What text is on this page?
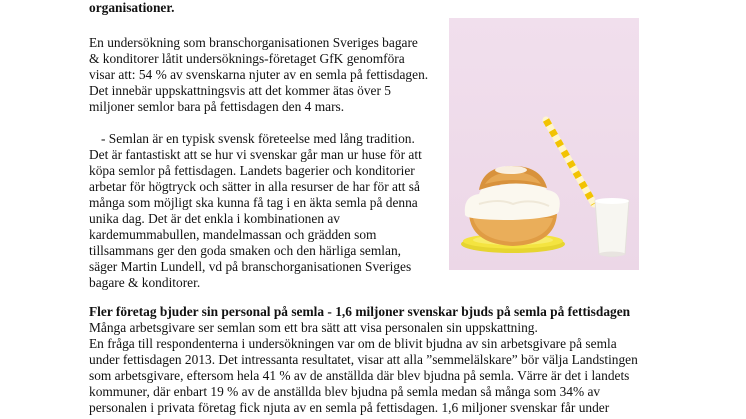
organisationer.
En undersökning som branschorganisationen Sveriges bagare
& konditorer låtit undersöknings-företaget GfK genomföra
visar att: 54 % av svenskarna njuter av en semla på fettisdagen.
Det innebär uppskattningsvis att det kommer ätas över 5
miljoner semlor bara på fettisdagen den 4 mars.
- Semlan är en typisk svensk företeelse med lång tradition.
Det är fantastiskt att se hur vi svenskar går man ur huse för att
köpa semlor på fettisdagen. Landets bagerier och konditorier
arbetar för högtryck och sätter in alla resurser de har för att så
många som möjligt ska kunna få tag i en äkta semla på denna
unika dag. Det är det enkla i kombinationen av
kardemummabullen, mandelmassan och grädden som
tillsammans ger den goda smaken och den härliga semlan,
säger Martin Lundell, vd på branschorganisationen Sveriges
bagare & konditorer.
Fler företag bjuder sin personal på semla - 1,6 miljoner svenskar bjuds på semla på fettisdagen
Många arbetsgivare ser semlan som ett bra sätt att visa personalen sin uppskattning.
En fråga till respondenterna i undersökningen var om de blivit bjudna av sin arbetsgivare på semla
under fettisdagen 2013. Det intressanta resultatet, visar att alla ”semmelälskare” bör välja Landstingen
som arbetsgivare, eftersom hela 41 % av de anställda där blev bjudna på semla. Värre är det i landets
kommuner, där enbart 19 % av de anställda blev bjudna på semla medan så många som 34% av
personalen i privata företag fick njuta av en semla på fettisdagen. 1,6 miljoner svenskar får under
